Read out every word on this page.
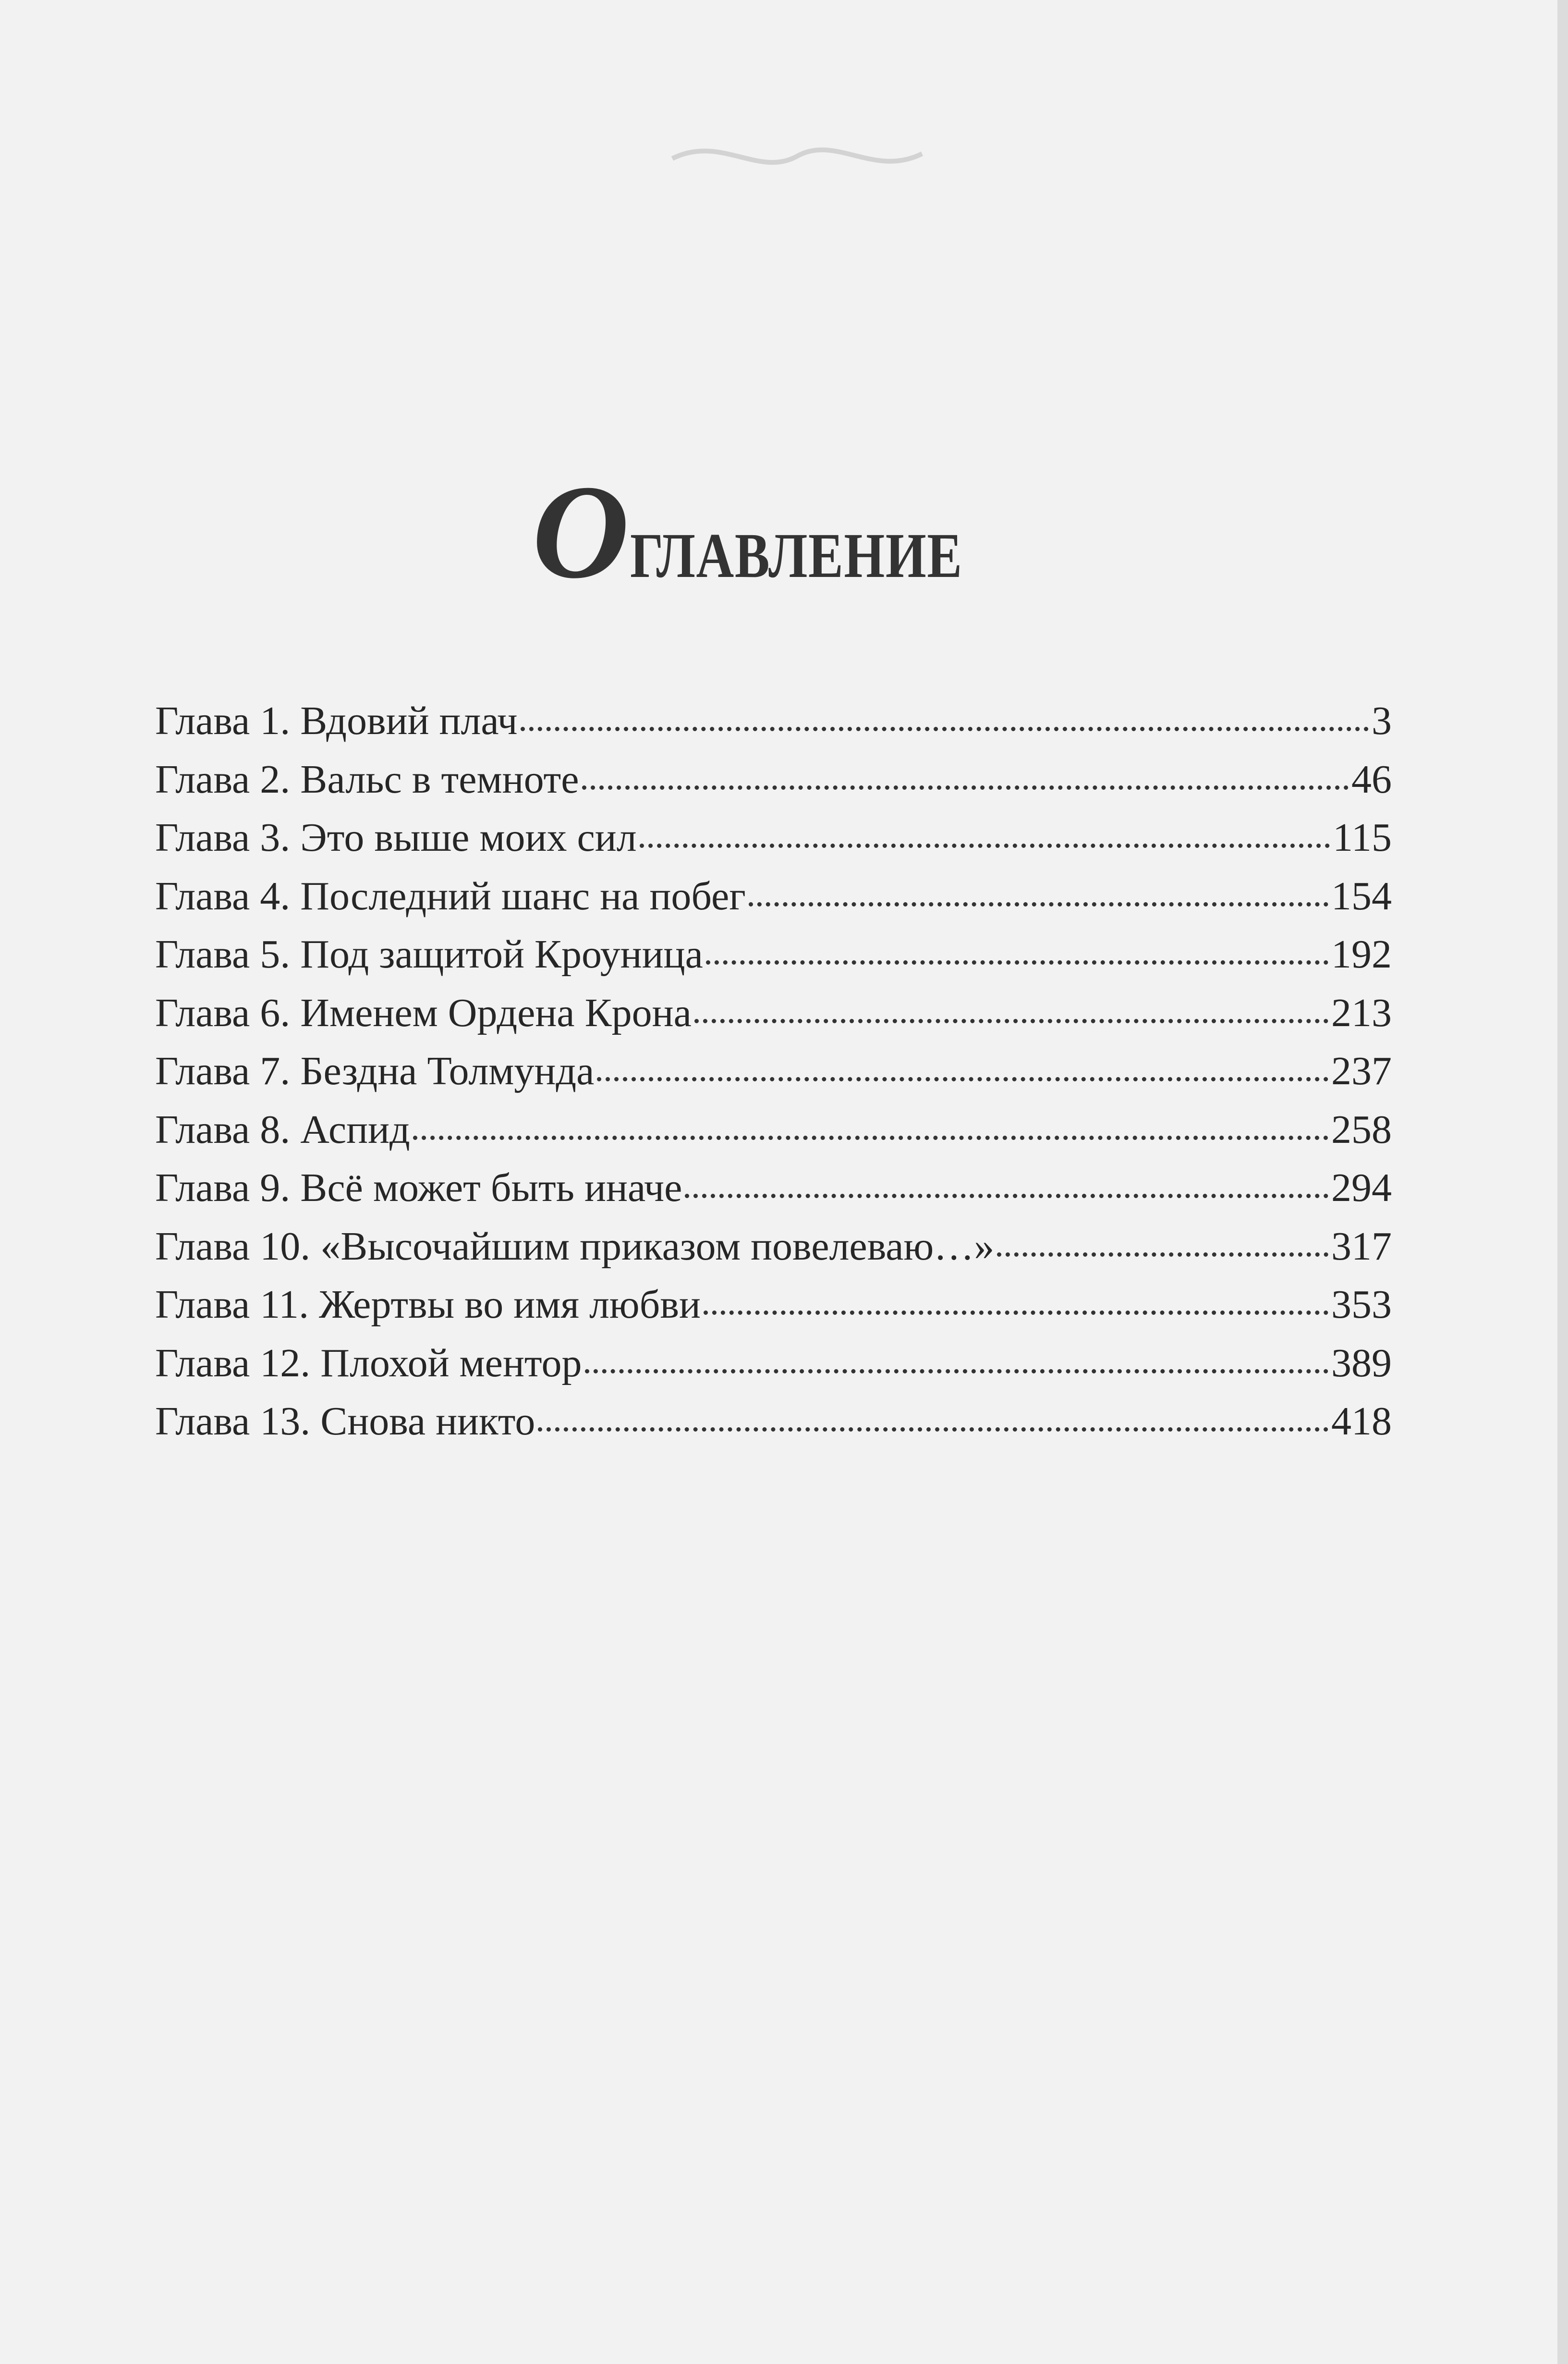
Оглавление
Глава 1. Вдовий плач	3
Глава 2. Вальс в темноте	46
Глава 3. Это выше моих сил	115
Глава 4. Последний шанс на побег	154
Глава 5. Под защитой Кроуница	192
Глава 6. Именем Ордена Крона	213
Глава 7. Бездна Толмунда	237
Глава 8. Аспид	258
Глава 9. Всё может быть иначе	294
Глава 10. «Высочайшим приказом повелеваю…»	317
Глава 11. Жертвы во имя любви	353
Глава 12. Плохой ментор	389
Глава 13. Снова никто	418
